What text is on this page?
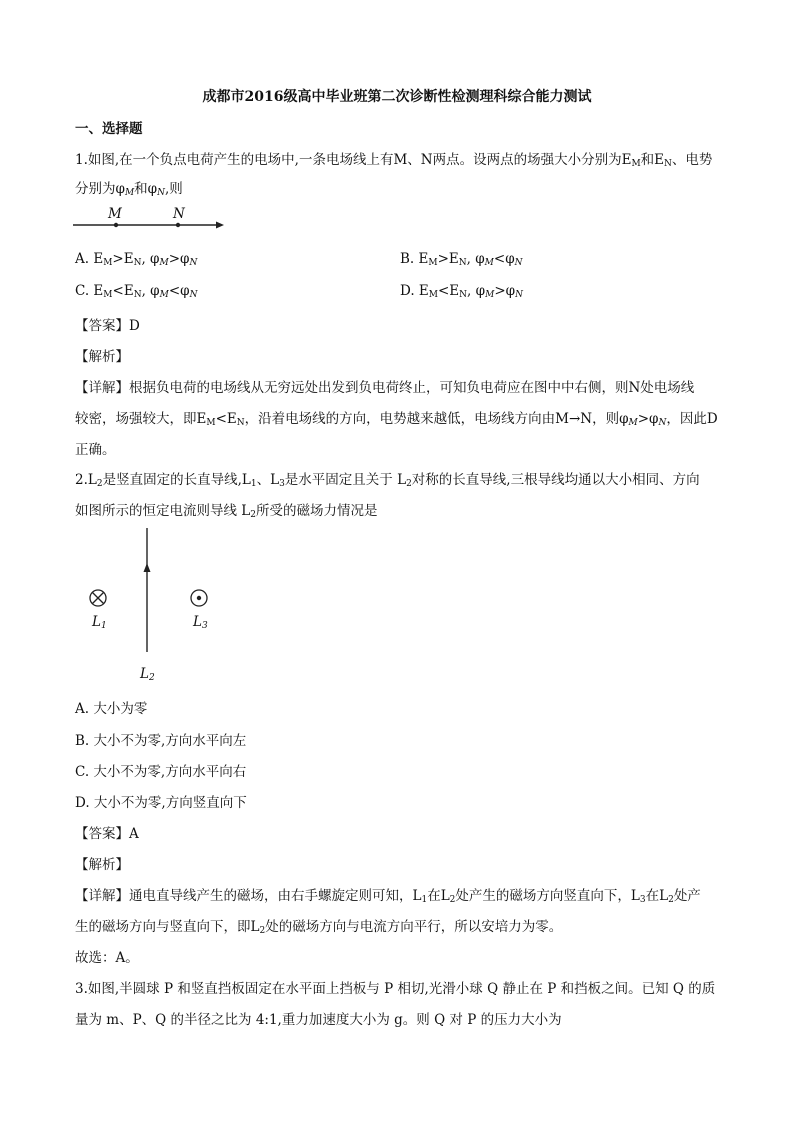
成都市2016级高中毕业班第二次诊断性检测理科综合能力测试
一、选择题
1.如图,在一个负点电荷产生的电场中,一条电场线上有M、N两点。设两点的场强大小分别为$E_M$和$E_N$、电势
分别为$\varphi_M$和$\varphi_N$,则
M	N
A. $E_M>E_N$, $\varphi_M>\varphi_N$	B. $E_M>E_N$, $\varphi_M<\varphi_N$
C. $E_M<E_N$, $\varphi_M<\varphi_N$	D. $E_M<E_N$, $\varphi_M>\varphi_N$
【答案】D
【解析】
【详解】根据负电荷的电场线从无穷远处出发到负电荷终止，可知负电荷应在图中中右侧，则N处电场线
较密，场强较大，即$E_M<E_N$，沿着电场线的方向，电势越来越低，电场线方向由M→N，则$\varphi_M>\varphi_N$，因此D
正确。
$2.L_2$是竖直固定的长直导线$,L_1$、$L_3$是水平固定且关于 $L_2$对称的长直导线,三根导线均通以大小相同、方向
如图所示的恒定电流则导线 $L_2$所受的磁场力情况是
$L_1$	$L_3$
$L_2$
A. 大小为零
B. 大小不为零,方向水平向左
C. 大小不为零,方向水平向右
D. 大小不为零,方向竖直向下
【答案】A
【解析】
【详解】通电直导线产生的磁场，由右手螺旋定则可知，$L_1$在$L_2$处产生的磁场方向竖直向下，$L_3$在$L_2$处产
生的磁场方向与竖直向下，即$L_2$处的磁场方向与电流方向平行，所以安培力为零。
故选：A。
3.如图,半圆球 P 和竖直挡板固定在水平面上挡板与 P 相切,光滑小球 Q 静止在 P 和挡板之间。已知 Q 的质
量为 m、P、Q 的半径之比为 4:1,重力加速度大小为 g。则 Q 对 P 的压力大小为
